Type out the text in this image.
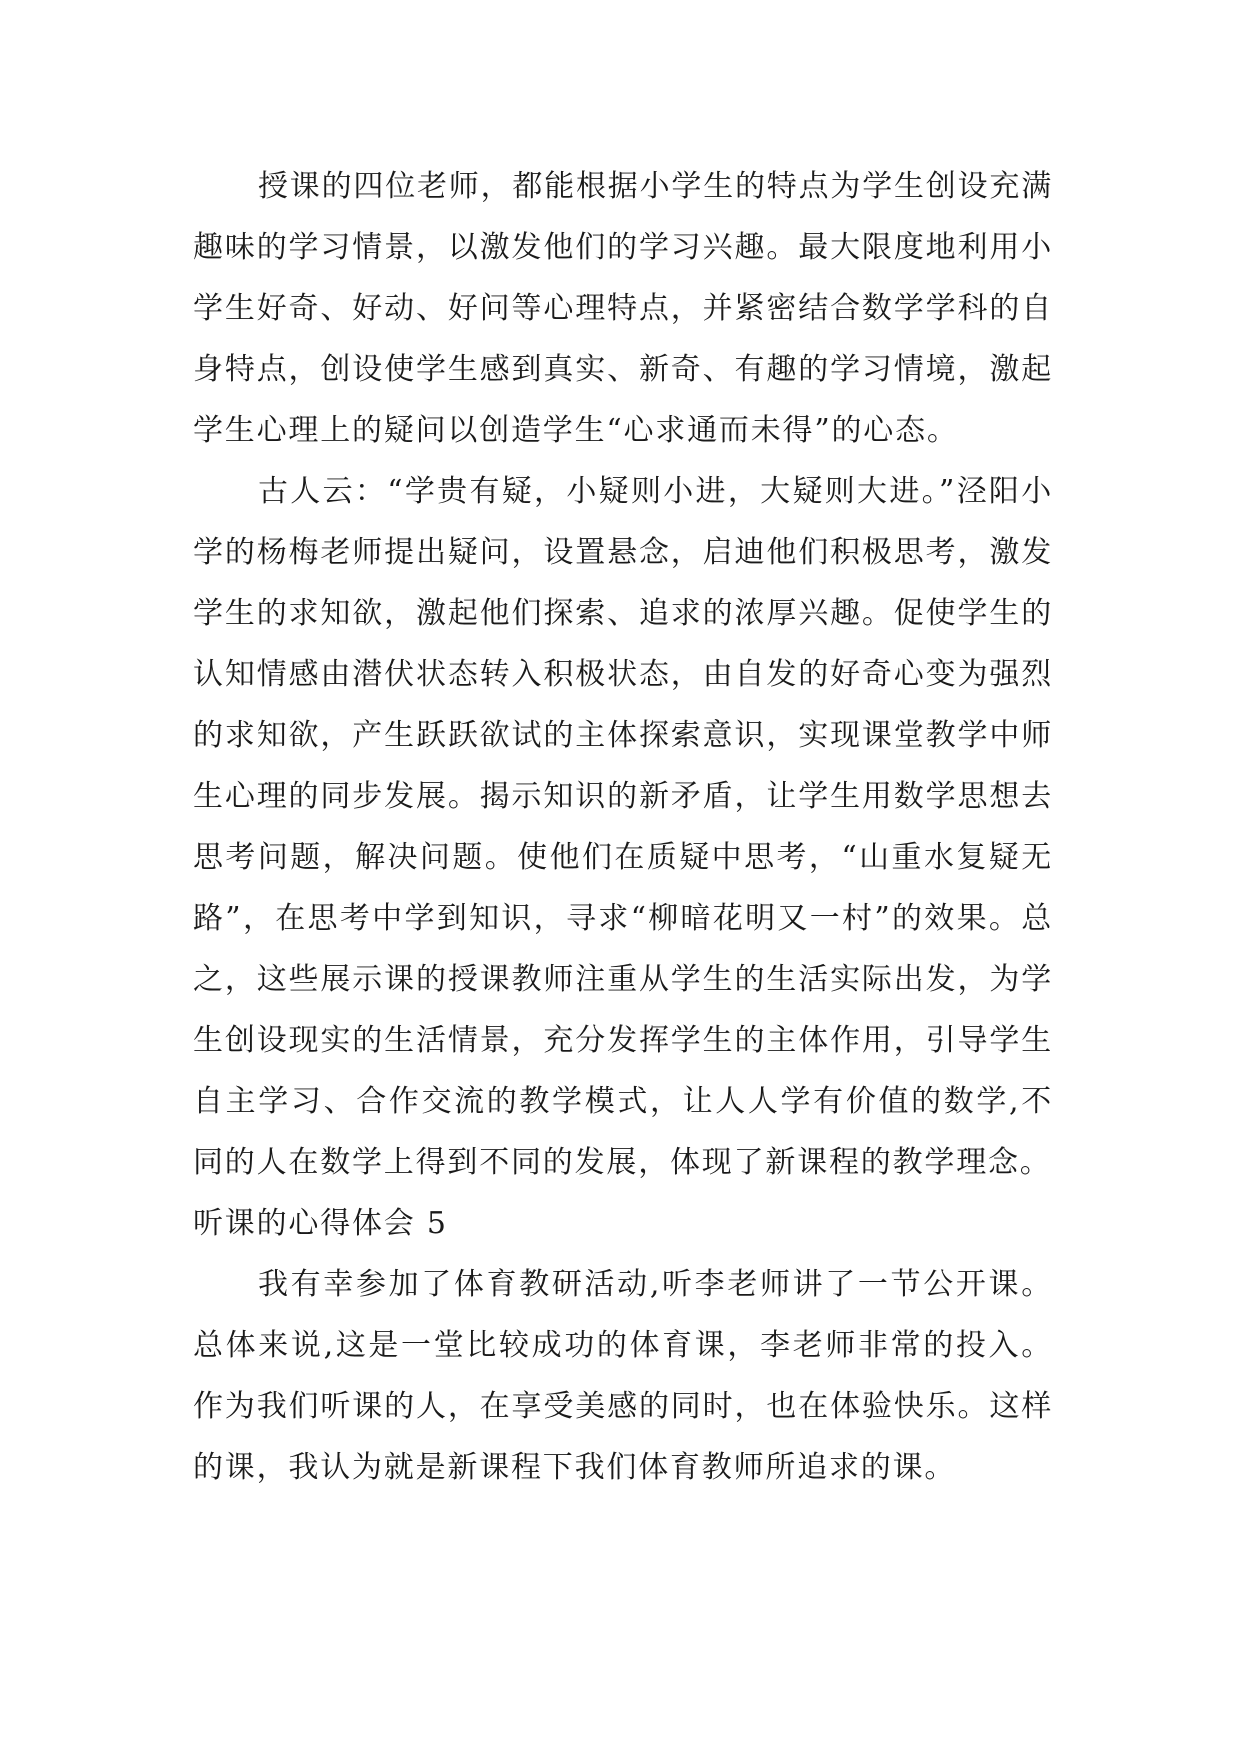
授课的四位老师，都能根据小学生的特点为学生创设充满趣味的学习情景，以激发他们的学习兴趣。最大限度地利用小学生好奇、好动、好问等心理特点，并紧密结合数学学科的自身特点，创设使学生感到真实、新奇、有趣的学习情境，激起学生心理上的疑问以创造学生“心求通而未得”的心态。

古人云：“学贵有疑，小疑则小进，大疑则大进。”泾阳小学的杨梅老师提出疑问，设置悬念，启迪他们积极思考，激发学生的求知欲，激起他们探索、追求的浓厚兴趣。促使学生的认知情感由潜伏状态转入积极状态，由自发的好奇心变为强烈的求知欲，产生跃跃欲试的主体探索意识，实现课堂教学中师生心理的同步发展。揭示知识的新矛盾，让学生用数学思想去思考问题，解决问题。使他们在质疑中思考，“山重水复疑无路”，在思考中学到知识，寻求“柳暗花明又一村”的效果。总之，这些展示课的授课教师注重从学生的生活实际出发，为学生创设现实的生活情景，充分发挥学生的主体作用，引导学生自主学习、合作交流的教学模式，让人人学有价值的数学,不同的人在数学上得到不同的发展，体现了新课程的教学理念。

听课的心得体会 5

我有幸参加了体育教研活动,听李老师讲了一节公开课。总体来说,这是一堂比较成功的体育课，李老师非常的投入。作为我们听课的人，在享受美感的同时，也在体验快乐。这样的课，我认为就是新课程下我们体育教师所追求的课。
